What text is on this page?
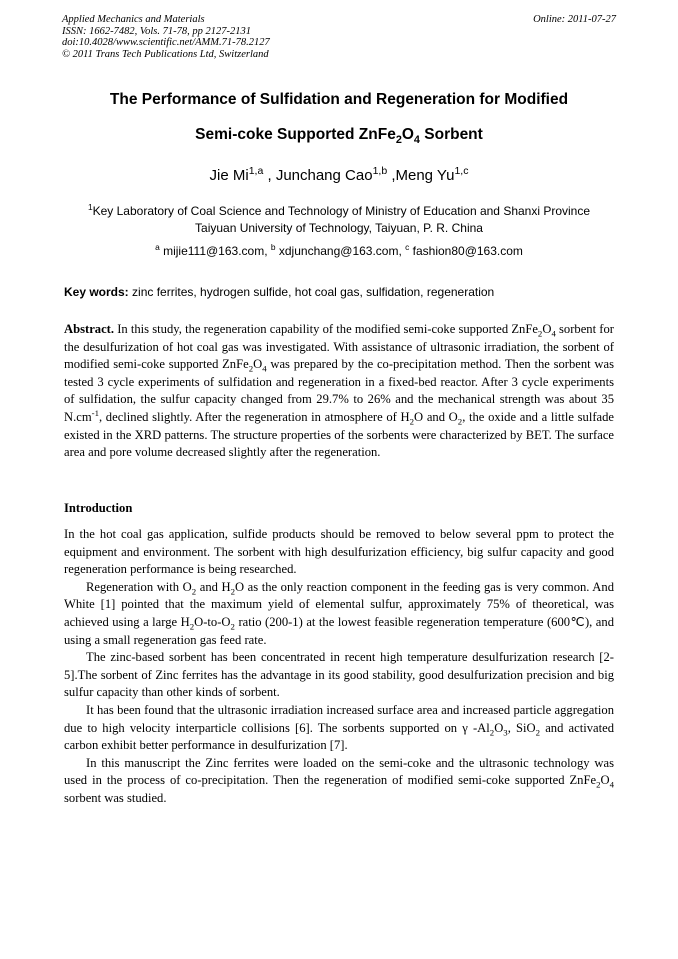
Applied Mechanics and Materials
ISSN: 1662-7482, Vols. 71-78, pp 2127-2131
doi:10.4028/www.scientific.net/AMM.71-78.2127
© 2011 Trans Tech Publications Ltd, Switzerland
Online: 2011-07-27
The Performance of Sulfidation and Regeneration for Modified
Semi-coke Supported $ZnFe_2O_4$ Sorbent
Jie Mi$^{1,a}$ , Junchang Cao$^{1,b}$ ,Meng Yu$^{1,c}$
$^1$Key Laboratory of Coal Science and Technology of Ministry of Education and Shanxi Province
Taiyuan University of Technology, Taiyuan, P. R. China
$^a$ mijie111@163.com, $^b$ xdjunchang@163.com, $^c$ fashion80@163.com
Key words: zinc ferrites, hydrogen sulfide, hot coal gas, sulfidation, regeneration
Abstract. In this study, the regeneration capability of the modified semi-coke supported $ZnFe_2O_4$ sorbent for the desulfurization of hot coal gas was investigated. With assistance of ultrasonic irradiation, the sorbent of modified semi-coke supported $ZnFe_2O_4$ was prepared by the co-precipitation method. Then the sorbent was tested 3 cycle experiments of sulfidation and regeneration in a fixed-bed reactor. After 3 cycle experiments of sulfidation, the sulfur capacity changed from 29.7% to 26% and the mechanical strength was about 35 $N.cm^{-1}$, declined slightly. After the regeneration in atmosphere of $H_2O$ and $O_2$, the oxide and a little sulfade existed in the XRD patterns. The structure properties of the sorbents were characterized by BET. The surface area and pore volume decreased slightly after the regeneration.
Introduction

In the hot coal gas application, sulfide products should be removed to below several ppm to protect the equipment and environment. The sorbent with high desulfurization efficiency, big sulfur capacity and good regeneration performance is being researched.

Regeneration with $O_2$ and $H_2O$ as the only reaction component in the feeding gas is very common. And White [1] pointed that the maximum yield of elemental sulfur, approximately 75% of theoretical, was achieved using a large $H_2O-to-O_2$ ratio (200-1) at the lowest feasible regeneration temperature (600℃), and using a small regeneration gas feed rate.

The zinc-based sorbent has been concentrated in recent high temperature desulfurization research [2-5].The sorbent of Zinc ferrites has the advantage in its good stability, good desulfurization precision and big sulfur capacity than other kinds of sorbent.

It has been found that the ultrasonic irradiation increased surface area and increased particle aggregation due to high velocity interparticle collisions [6]. The sorbents supported on γ $-Al_2O_3$, SiO$_2$ and activated carbon exhibit better performance in desulfurization [7].

In this manuscript the Zinc ferrites were loaded on the semi-coke and the ultrasonic technology was used in the process of co-precipitation. Then the regeneration of modified semi-coke supported $ZnFe_2O_4$ sorbent was studied.
